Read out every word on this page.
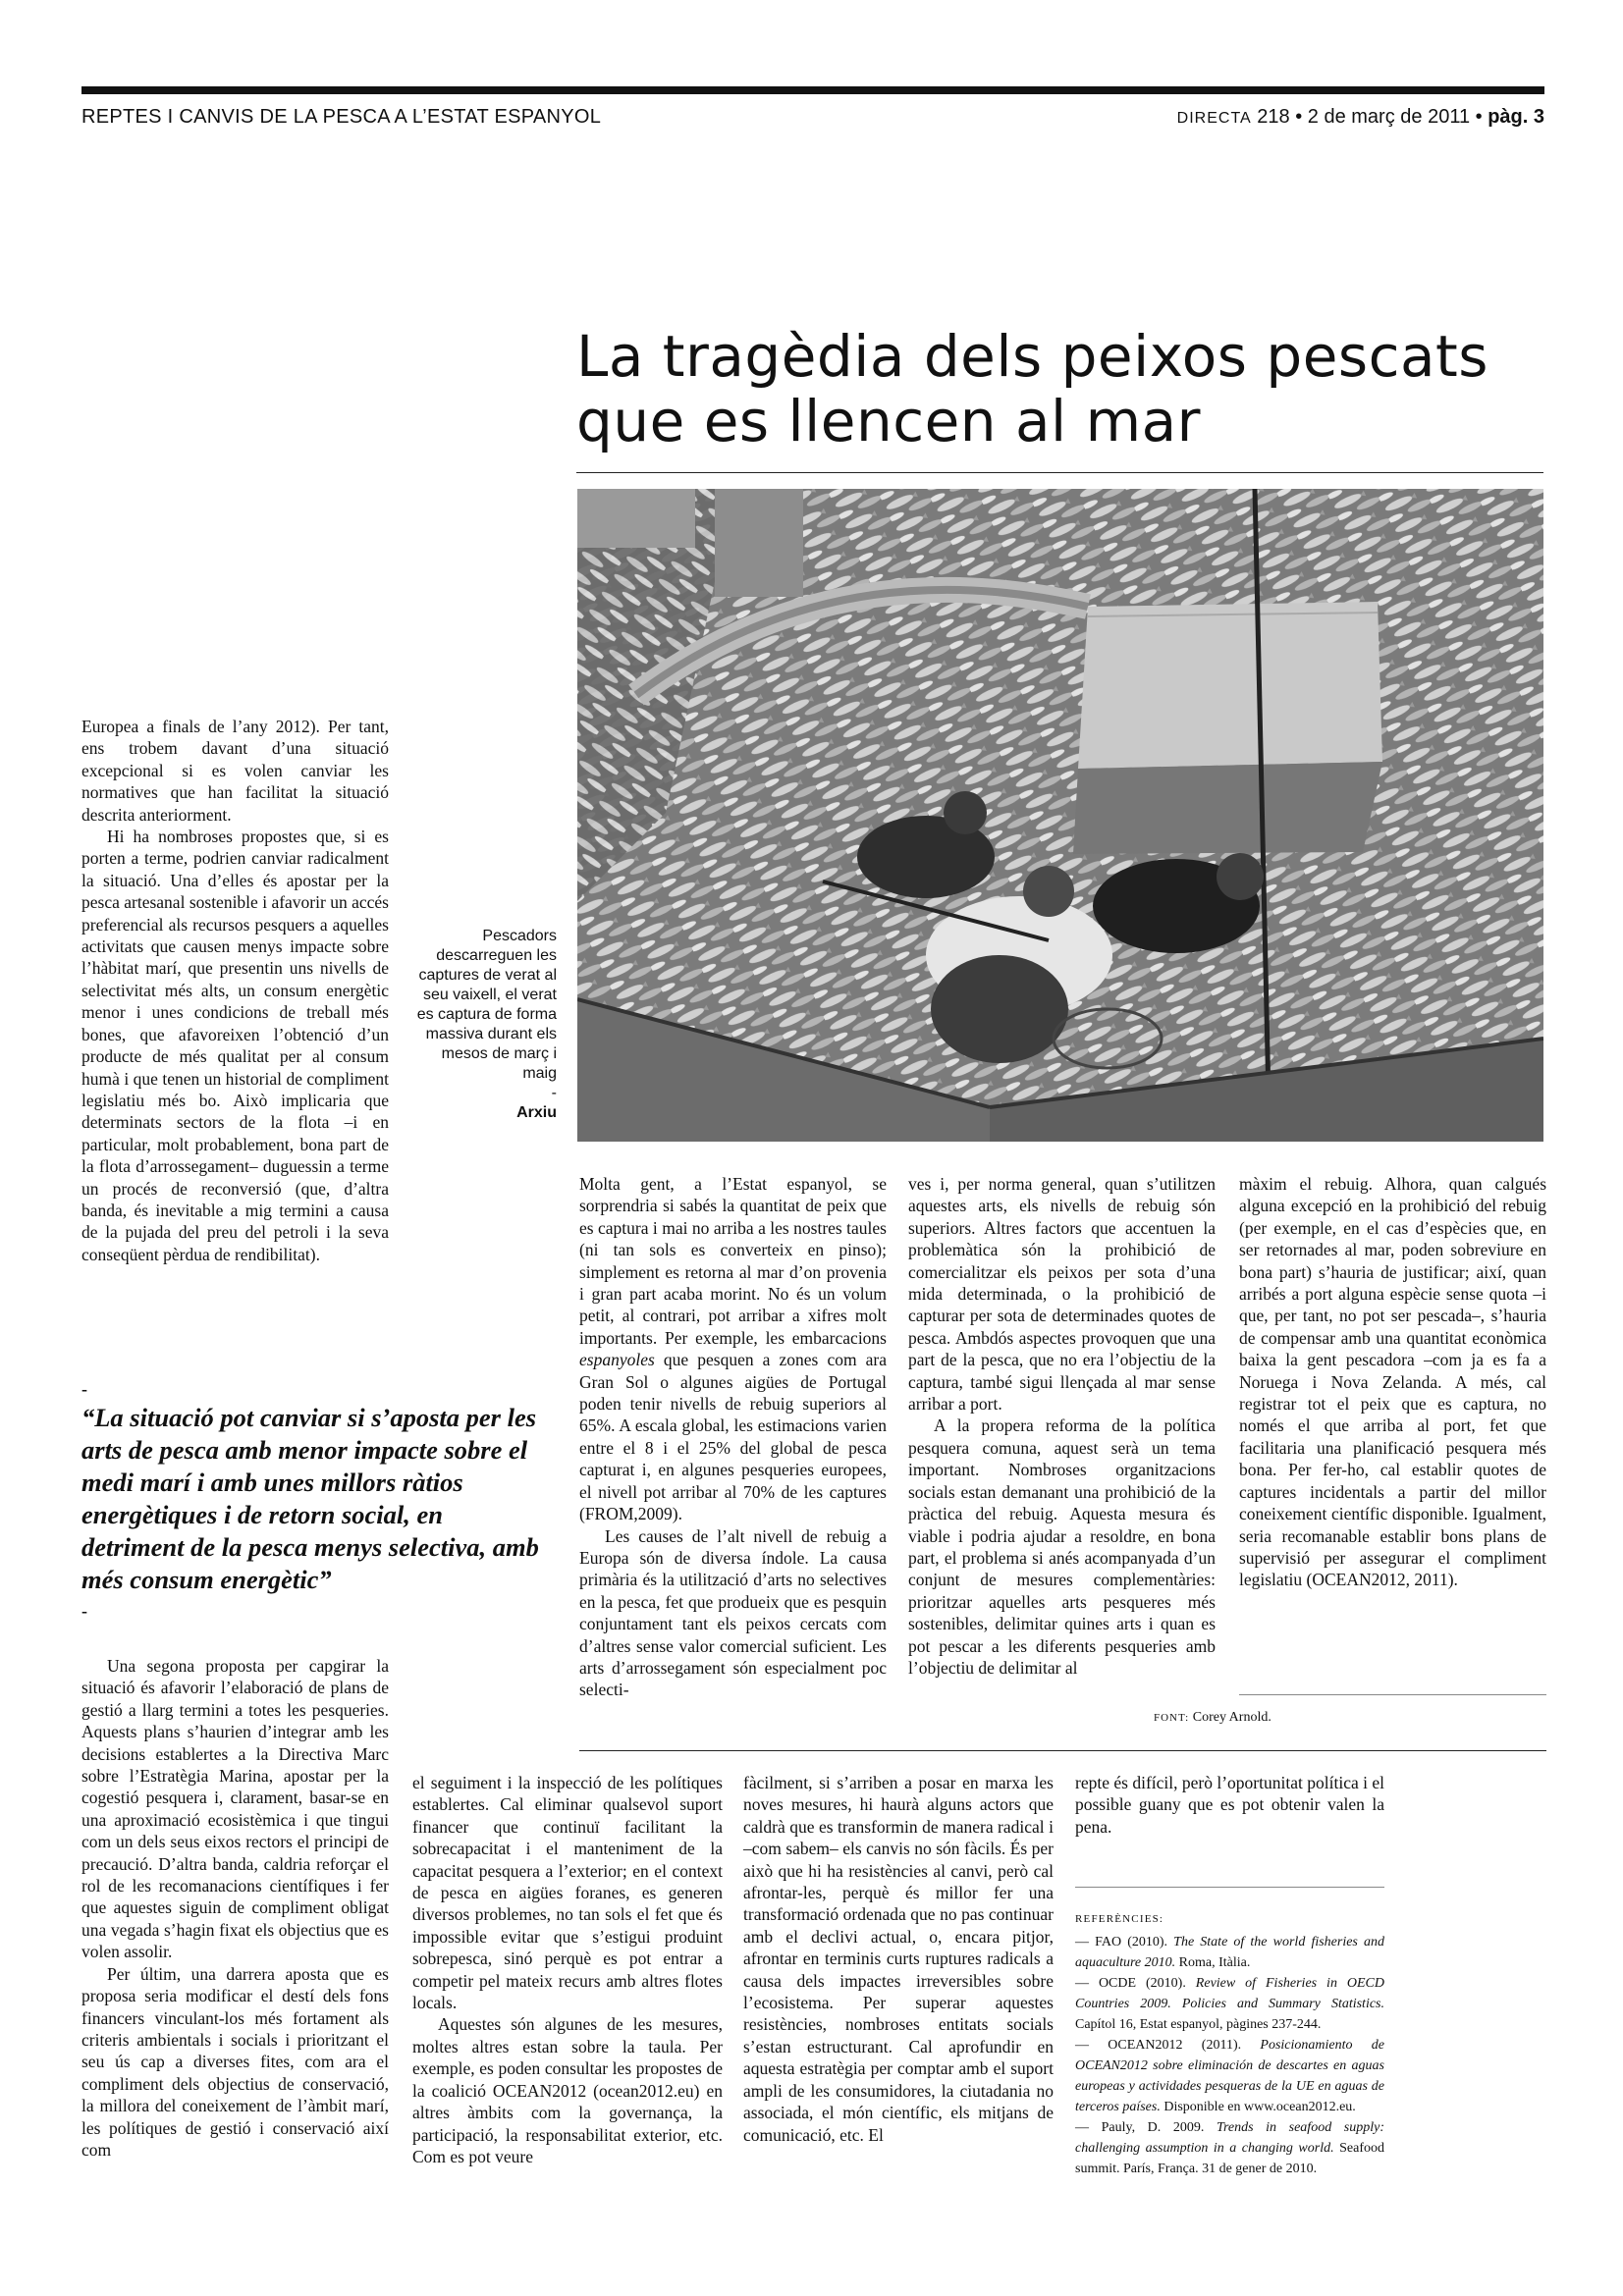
REPTES I CANVIS DE LA PESCA A L’ESTAT ESPANYOL	DIRECTA 218 • 2 de març de 2011 • pàg. 3
La tragèdia dels peixos pescats
que es llencen al mar
Pescadors descarreguen les captures de verat al seu vaixell, el verat es captura de forma massiva durant els mesos de març i maig
-
Arxiu

Europea a finals de l’any 2012). Per tant, ens trobem davant d’una situació excepcional si es volen canviar les normatives que han facilitat la situació descrita anteriorment.

Hi ha nombroses propostes que, si es porten a terme, podrien canviar radicalment la situació. Una d’elles és apostar per la pesca artesanal sostenible i afavorir un accés preferencial als recursos pesquers a aquelles activitats que causen menys impacte sobre l’hàbitat marí, que presentin uns nivells de selectivitat més alts, un consum energètic menor i unes condicions de treball més bones, que afavoreixen l’obtenció d’un producte de més qualitat per al consum humà i que tenen un historial de compliment legislatiu més bo. Això implicaria que determinats sectors de la flota –i en particular, molt probablement, bona part de la flota d’arrossegament– duguessin a terme un procés de reconversió (que, d’altra banda, és inevitable a mig termini a causa de la pujada del preu del petroli i la seva conseqüent pèrdua de rendibilitat).

-
“La situació pot canviar si s’aposta per les arts de pesca amb menor impacte sobre el medi marí i amb unes millors ràtios energètiques i de retorn social, en detriment de la pesca menys selectiva, amb més consum energètic”
-

Una segona proposta per capgirar la situació és afavorir l’elaboració de plans de gestió a llarg termini a totes les pesqueries. Aquests plans s’haurien d’integrar amb les decisions establertes a la Directiva Marc sobre l’Estratègia Marina, apostar per la cogestió pesquera i, clarament, basar-se en una aproximació ecosistèmica i que tingui com un dels seus eixos rectors el principi de precaució. D’altra banda, caldria reforçar el rol de les recomanacions científiques i fer que aquestes siguin de compliment obligat una vegada s’hagin fixat els objectius que es volen assolir.

Per últim, una darrera aposta que es proposa seria modificar el destí dels fons financers vinculant-los més fortament als criteris ambientals i socials i prioritzant el seu ús cap a diverses fites, com ara el compliment dels objectius de conservació, la millora del coneixement de l’àmbit marí, les polítiques de gestió i conservació així com

Molta gent, a l’Estat espanyol, se sorprendria si sabés la quantitat de peix que es captura i mai no arriba a les nostres taules (ni tan sols es converteix en pinso); simplement es retorna al mar d’on provenia i gran part acaba morint. No és un volum petit, al contrari, pot arribar a xifres molt importants. Per exemple, les embarcacions espanyoles que pesquen a zones com ara Gran Sol o algunes aigües de Portugal poden tenir nivells de rebuig superiors al 65%. A escala global, les estimacions varien entre el 8 i el 25% del global de pesca capturat i, en algunes pesqueries europees, el nivell pot arribar al 70% de les captures (FROM,2009).

Les causes de l’alt nivell de rebuig a Europa són de diversa índole. La causa primària és la utilització d’arts no selectives en la pesca, fet que produeix que es pesquin conjuntament tant els peixos cercats com d’altres sense valor comercial suficient. Les arts d’arrossegament són especialment poc selecti-

ves i, per norma general, quan s’utilitzen aquestes arts, els nivells de rebuig són superiors. Altres factors que accentuen la problemàtica són la prohibició de comercialitzar els peixos per sota d’una mida determinada, o la prohibició de capturar per sota de determinades quotes de pesca. Ambdós aspectes provoquen que una part de la pesca, que no era l’objectiu de la captura, també sigui llençada al mar sense arribar a port.

A la propera reforma de la política pesquera comuna, aquest serà un tema important. Nombroses organitzacions socials estan demanant una prohibició de la pràctica del rebuig. Aquesta mesura és viable i podria ajudar a resoldre, en bona part, el problema si anés acompanyada d’un conjunt de mesures complementàries: prioritzar aquelles arts pesqueres més sostenibles, delimitar quines arts i quan es pot pescar a les diferents pesqueries amb l’objectiu de delimitar al

màxim el rebuig. Alhora, quan calgués alguna excepció en la prohibició del rebuig (per exemple, en el cas d’espècies que, en ser retornades al mar, poden sobreviure en bona part) s’hauria de justificar; així, quan arribés a port alguna espècie sense quota –i que, per tant, no pot ser pescada–, s’hauria de compensar amb una quantitat econòmica baixa la gent pescadora –com ja es fa a Noruega i Nova Zelanda. A més, cal registrar tot el peix que es captura, no només el que arriba al port, fet que facilitaria una planificació pesquera més bona. Per fer-ho, cal establir quotes de captures incidentals a partir del millor coneixement científic disponible. Igualment, seria recomanable establir bons plans de supervisió per assegurar el compliment legislatiu (OCEAN2012, 2011).

FONT: Corey Arnold.

el seguiment i la inspecció de les polítiques establertes. Cal eliminar qualsevol suport financer que continuï facilitant la sobrecapacitat i el manteniment de la capacitat pesquera a l’exterior; en el context de pesca en aigües foranes, es generen diversos problemes, no tan sols el fet que és impossible evitar que s’estigui produint sobrepesca, sinó perquè es pot entrar a competir pel mateix recurs amb altres flotes locals.

Aquestes són algunes de les mesures, moltes altres estan sobre la taula. Per exemple, es poden consultar les propostes de la coalició OCEAN2012 (ocean2012.eu) en altres àmbits com la governança, la participació, la responsabilitat exterior, etc. Com es pot veure

fàcilment, si s’arriben a posar en marxa les noves mesures, hi haurà alguns actors que caldrà que es transformin de manera radical i –com sabem– els canvis no són fàcils. És per això que hi ha resistències al canvi, però cal afrontar-les, perquè és millor fer una transformació ordenada que no pas continuar amb el declivi actual, o, encara pitjor, afrontar en terminis curts ruptures radicals a causa dels impactes irreversibles sobre l’ecosistema. Per superar aquestes resistències, nombroses entitats socials s’estan estructurant. Cal aprofundir en aquesta estratègia per comptar amb el suport ampli de les consumidores, la ciutadania no associada, el món científic, els mitjans de comunicació, etc. El

repte és difícil, però l’oportunitat política i el possible guany que es pot obtenir valen la pena.

REFERÈNCIES:

— FAO (2010). The State of the world fisheries and aquaculture 2010. Roma, Itàlia.

— OCDE (2010). Review of Fisheries in OECD Countries 2009. Policies and Summary Statistics. Capítol 16, Estat espanyol, pàgines 237-244.

— OCEAN2012 (2011). Posicionamiento de OCEAN2012 sobre eliminación de descartes en aguas europeas y actividades pesqueras de la UE en aguas de terceros países. Disponible en www.ocean2012.eu.

— Pauly, D. 2009. Trends in seafood supply: challenging assumption in a changing world. Seafood summit. París, França. 31 de gener de 2010.
